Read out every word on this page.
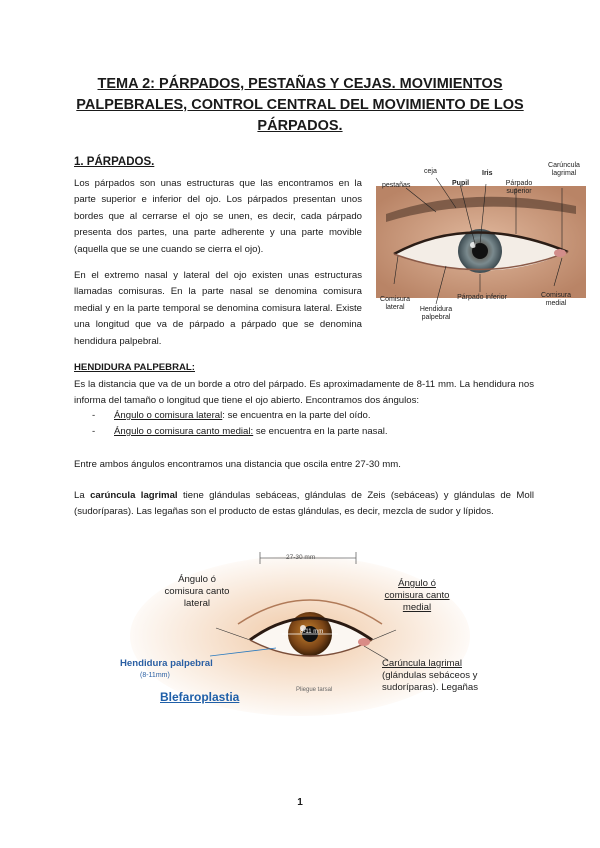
TEMA 2: PÁRPADOS, PESTAÑAS Y CEJAS. MOVIMIENTOS PALPEBRALES, CONTROL CENTRAL DEL MOVIMIENTO DE LOS PÁRPADOS.
1. PÁRPADOS.
Los párpados son unas estructuras que las encontramos en la parte superior e inferior del ojo. Los párpados presentan unos bordes que al cerrarse el ojo se unen, es decir, cada párpado presenta dos partes, una parte adherente y una parte movible (aquella que se une cuando se cierra el ojo).
En el extremo nasal y lateral del ojo existen unas estructuras llamadas comisuras. En la parte nasal se denomina comisura medial y en la parte temporal se denomina comisura lateral. Existe una longitud que va de párpado a párpado que se denomina hendidura palpebral.
ceja
pestañas	Pupil
Iris
Párpado superior
Carúncula lagrimal
Comisura lateral	Hendidura palpebral
Párpado inferior	Comisura medial
HENDIDURA PALPEBRAL:
Es la distancia que va de un borde a otro del párpado. Es aproximadamente de 8-11 mm. La hendidura nos informa del tamaño o longitud que tiene el ojo abierto. Encontramos dos ángulos:
- Ángulo o comisura lateral: se encuentra en la parte del oído.
- Ángulo o comisura canto medial: se encuentra en la parte nasal.
Entre ambos ángulos encontramos una distancia que oscila entre 27-30 mm.
La carúncula lagrimal tiene glándulas sebáceas, glándulas de Zeis (sebáceas) y glándulas de Moll (sudoríparas). Las legañas son el producto de estas glándulas, es decir, mezcla de sudor y lípidos.
27-30 mm
8-11 mm
Ángulo ó comisura canto lateral
Ángulo ó comisura canto medial
Hendidura palpebral
(8-11mm)
Carúncula lagrimal
(glándulas sebáceos y sudoríparas). Legañas
Pliegue tarsal
Blefaroplastia
1
